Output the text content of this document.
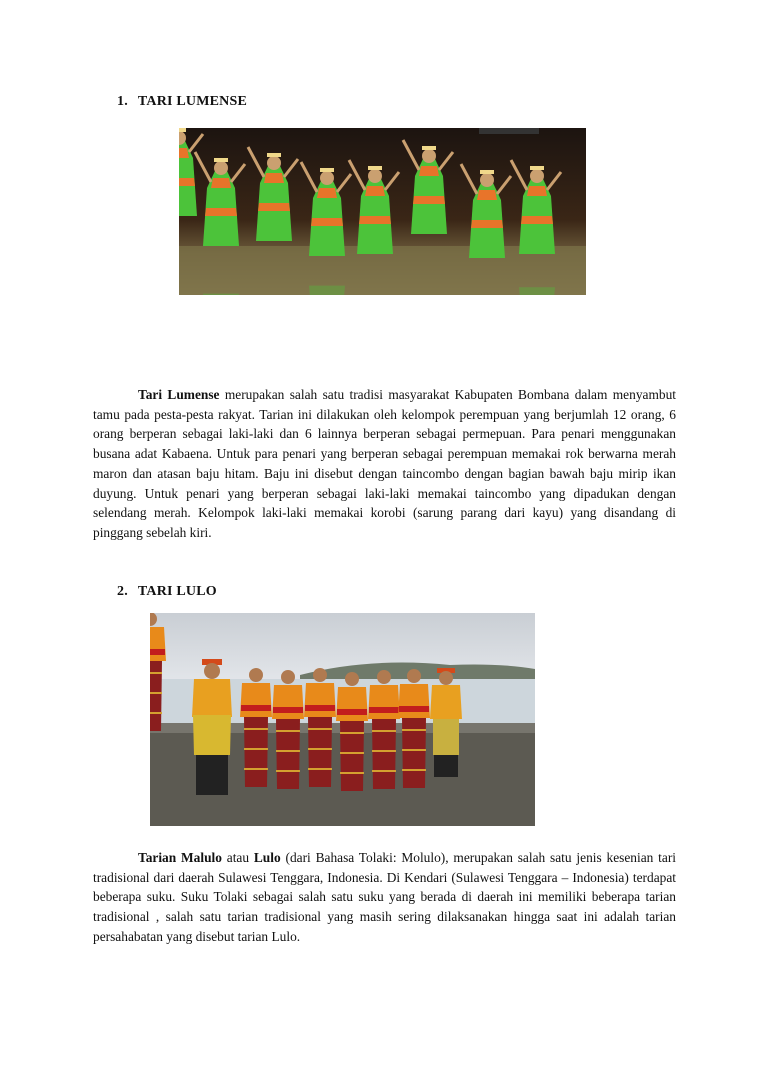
1. TARI LUMENSE

Tari Lumense merupakan salah satu tradisi masyarakat Kabupaten Bombana dalam menyambut tamu pada pesta-pesta rakyat. Tarian ini dilakukan oleh kelompok perempuan yang berjumlah 12 orang, 6 orang berperan sebagai laki-laki dan 6 lainnya berperan sebagai permepuan. Para penari menggunakan busana adat Kabaena. Untuk para penari yang berperan sebagai perempuan memakai rok berwarna merah maron dan atasan baju hitam. Baju ini disebut dengan taincombo dengan bagian bawah baju mirip ikan duyung. Untuk penari yang berperan sebagai laki-laki memakai taincombo yang dipadukan dengan selendang merah. Kelompok laki-laki memakai korobi (sarung parang dari kayu) yang disandang di pinggang sebelah kiri.

2. TARI LULO

Tarian Malulo atau Lulo (dari Bahasa Tolaki: Molulo), merupakan salah satu jenis kesenian tari tradisional dari daerah Sulawesi Tenggara, Indonesia. Di Kendari (Sulawesi Tenggara – Indonesia) terdapat beberapa suku. Suku Tolaki sebagai salah satu suku yang berada di daerah ini memiliki beberapa tarian tradisional , salah satu tarian tradisional yang masih sering dilaksanakan hingga saat ini adalah tarian persahabatan yang disebut tarian Lulo.
